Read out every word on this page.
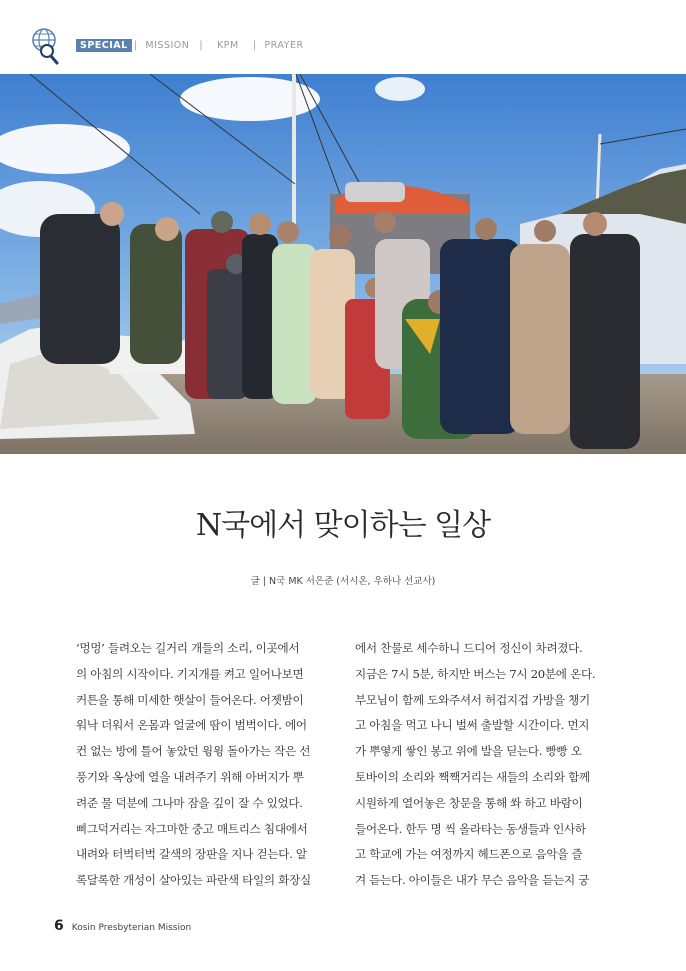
SPECIAL | MISSION | KPM | PRAYER
N국에서 맞이하는 일상
글 | N국 MK 서은준 (서시온, 우하나 선교사)

‘멍멍’ 들려오는 길거리 개들의 소리, 이곳에서

의 아침의 시작이다. 기지개를 켜고 일어나보면

커튼을 통해 미세한 햇살이 들어온다. 어젯밤이

워낙 더워서 온몸과 얼굴에 땀이 범벅이다. 에어

컨 없는 방에 틀어 놓았던 윙윙 돌아가는 작은 선

풍기와 옥상에 열을 내려주기 위해 아버지가 뿌

려준 물 덕분에 그나마 잠을 깊이 잘 수 있었다.

삐그덕거리는 자그마한 중고 매트리스 침대에서

내려와 터벅터벅 갈색의 장판을 지나 걷는다. 알

록달록한 개성이 살아있는 파란색 타일의 화장실

에서 찬물로 세수하니 드디어 정신이 차려졌다.

지금은 7시 5분, 하지만 버스는 7시 20분에 온다.

부모님이 함께 도와주셔서 허겁지겁 가방을 챙기

고 아침을 먹고 나니 벌써 출발할 시간이다. 먼지

가 뿌옇게 쌓인 봉고 위에 발을 딛는다. 빵빵 오

토바이의 소리와 짹짹거리는 새들의 소리와 함께

시원하게 열어놓은 창문을 통해 쏴 하고 바람이

들어온다. 한두 명 씩 올라타는 동생들과 인사하

고 학교에 가는 여정까지 헤드폰으로 음악을 즐

겨 듣는다. 아이들은 내가 무슨 음악을 듣는지 궁

6 Kosin Presbyterian Mission
